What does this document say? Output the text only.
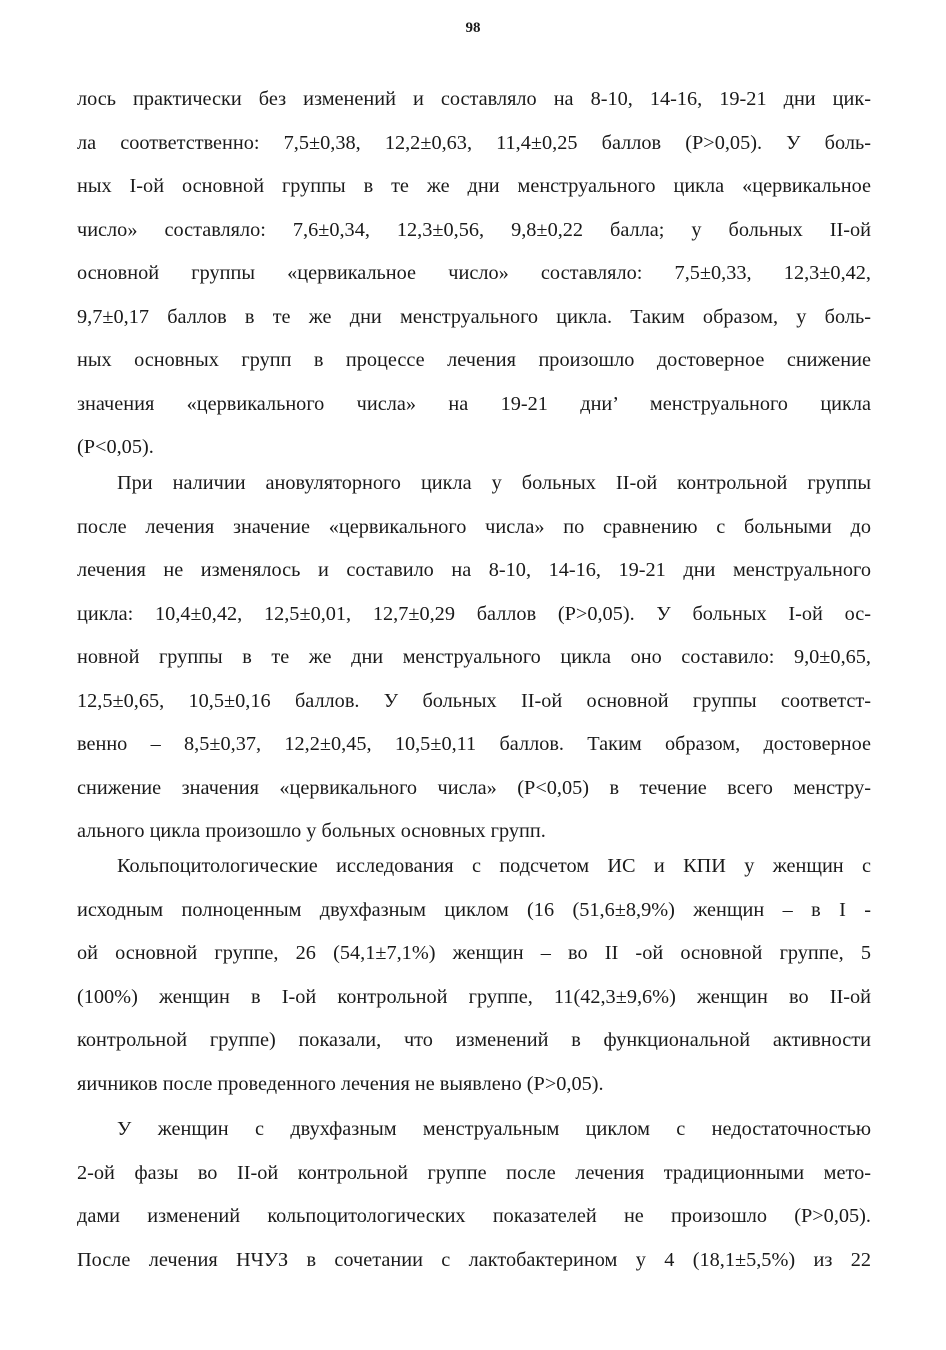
98
лось практически без изменений и составляло на 8-10, 14-16, 19-21 дни цик-
ла соответственно: 7,5±0,38, 12,2±0,63, 11,4±0,25 баллов (P>0,05). У боль-
ных I-ой основной группы в те же дни менструального цикла «цервикальное
число» составляло: 7,6±0,34, 12,3±0,56, 9,8±0,22 балла; у больных II-ой
основной группы «цервикальное число» составляло: 7,5±0,33, 12,3±0,42,
9,7±0,17 баллов в те же дни менструального цикла. Таким образом, у боль-
ных основных групп в процессе лечения произошло достоверное снижение
значения «цервикального числа» на 19-21 дни’ менструального цикла
(P<0,05).
При наличии ановуляторного цикла у больных II-ой контрольной группы
после лечения значение «цервикального числа» по сравнению с больными до
лечения не изменялось и составило на 8-10, 14-16, 19-21 дни менструального
цикла: 10,4±0,42, 12,5±0,01, 12,7±0,29 баллов (P>0,05). У больных I-ой ос-
новной группы в те же дни менструального цикла оно составило: 9,0±0,65,
12,5±0,65, 10,5±0,16 баллов. У больных II-ой основной группы соответст-
венно – 8,5±0,37, 12,2±0,45, 10,5±0,11 баллов. Таким образом, достоверное
снижение значения «цервикального числа» (P<0,05) в течение всего менстру-
ального цикла произошло у больных основных групп.
Кольпоцитологические исследования с подсчетом ИС и КПИ у женщин с
исходным полноценным двухфазным циклом (16 (51,6±8,9%) женщин – в I -
ой основной группе, 26 (54,1±7,1%) женщин – во II -ой основной группе, 5
(100%) женщин в I-ой контрольной группе, 11(42,3±9,6%) женщин во II-ой
контрольной группе) показали, что изменений в функциональной активности
яичников после проведенного лечения не выявлено (P>0,05).
У женщин с двухфазным менструальным циклом с недостаточностью
2-ой фазы во II-ой контрольной группе после лечения традиционными мето-
дами изменений кольпоцитологических показателей не произошло (P>0,05).
После лечения НЧУЗ в сочетании с лактобактерином у 4 (18,1±5,5%) из 22
